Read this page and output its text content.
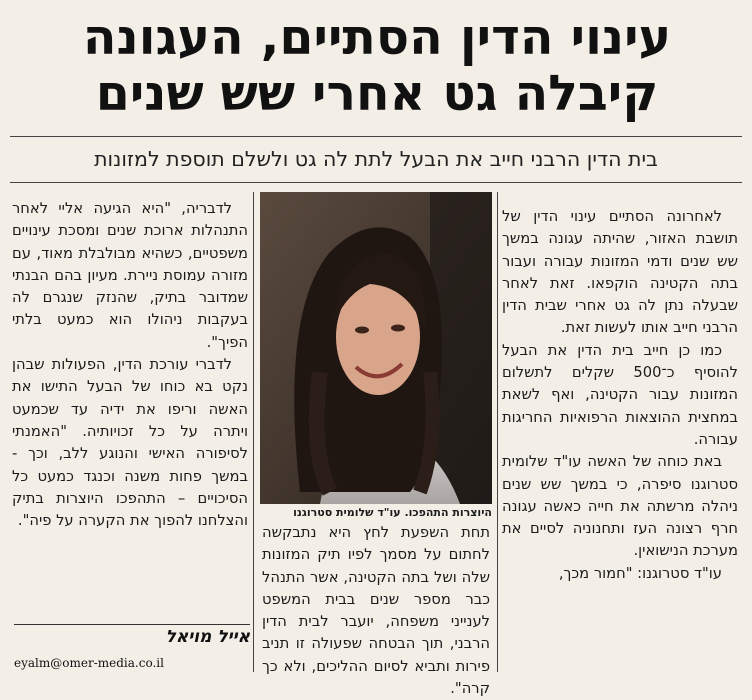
עינוי הדין הסתיים, העגונה
קיבלה גט אחרי שש שנים
בית הדין הרבני חייב את הבעל לתת לה גט ולשלם תוספת למזונות

לאחרונה הסתיים עינוי הדין של תושבת האזור, שהיתה עגונה במשך שש שנים ודמי המזונות עבורה ועבור בתה הקטינה הוקפאו. זאת לאחר שבעלה נתן לה גט אחרי שבית הדין הרבני חייב אותו לעשות זאת.

כמו כן חייב בית הדין את הבעל להוסיף כ־500 שקלים לתשלום המזונות עבור הקטינה, ואף לשאת במחצית ההוצאות הרפואיות החריגות עבורה.

באת כוחה של האשה עו"ד שלומית סטרוגנו סיפרה, כי במשך שש שנים ניהלה מרשתה את חייה כאשה עגונה חרף רצונה העז ותחנוניה לסיים את מערכת הנישואין.

עו"ד סטרוגנו: "חמור מכך,

היוצרות התהפכו. עו"ד שלומית סטרוגנו

תחת השפעת לחץ היא נתבקשה לחתום על מסמך לפיו תיק המזונות שלה ושל בתה הקטינה, אשר התנהל כבר מספר שנים בבית המשפט לענייני משפחה, יועבר לבית הדין הרבני, תוך הבטחה שפעולה זו תניב פירות ותביא לסיום ההליכים, ולא כך קרה".

לדבריה, "היא הגיעה אליי לאחר התנהלות ארוכת שנים ומסכת עינויים משפטיים, כשהיא מבולבלת מאוד, עם מזורה עמוסת ניירת. מעיון בהם הבנתי שמדובר בתיק, שהנזק שנגרם לה בעקבות ניהולו הוא כמעט בלתי הפיך".

לדברי עורכת הדין, הפעולות שבהן נקט בא כוחו של הבעל התישו את האשה וריפו את ידיה עד שכמעט ויתרה על כל זכויותיה. "האמנתי לסיפורה האישי והנוגע ללב, וכך - במשך פחות משנה וכנגד כמעט כל הסיכויים – התהפכו היוצרות בתיק והצלחנו להפוך את הקערה על פיה".

אייל מויאל
eyalm@omer-media.co.il
